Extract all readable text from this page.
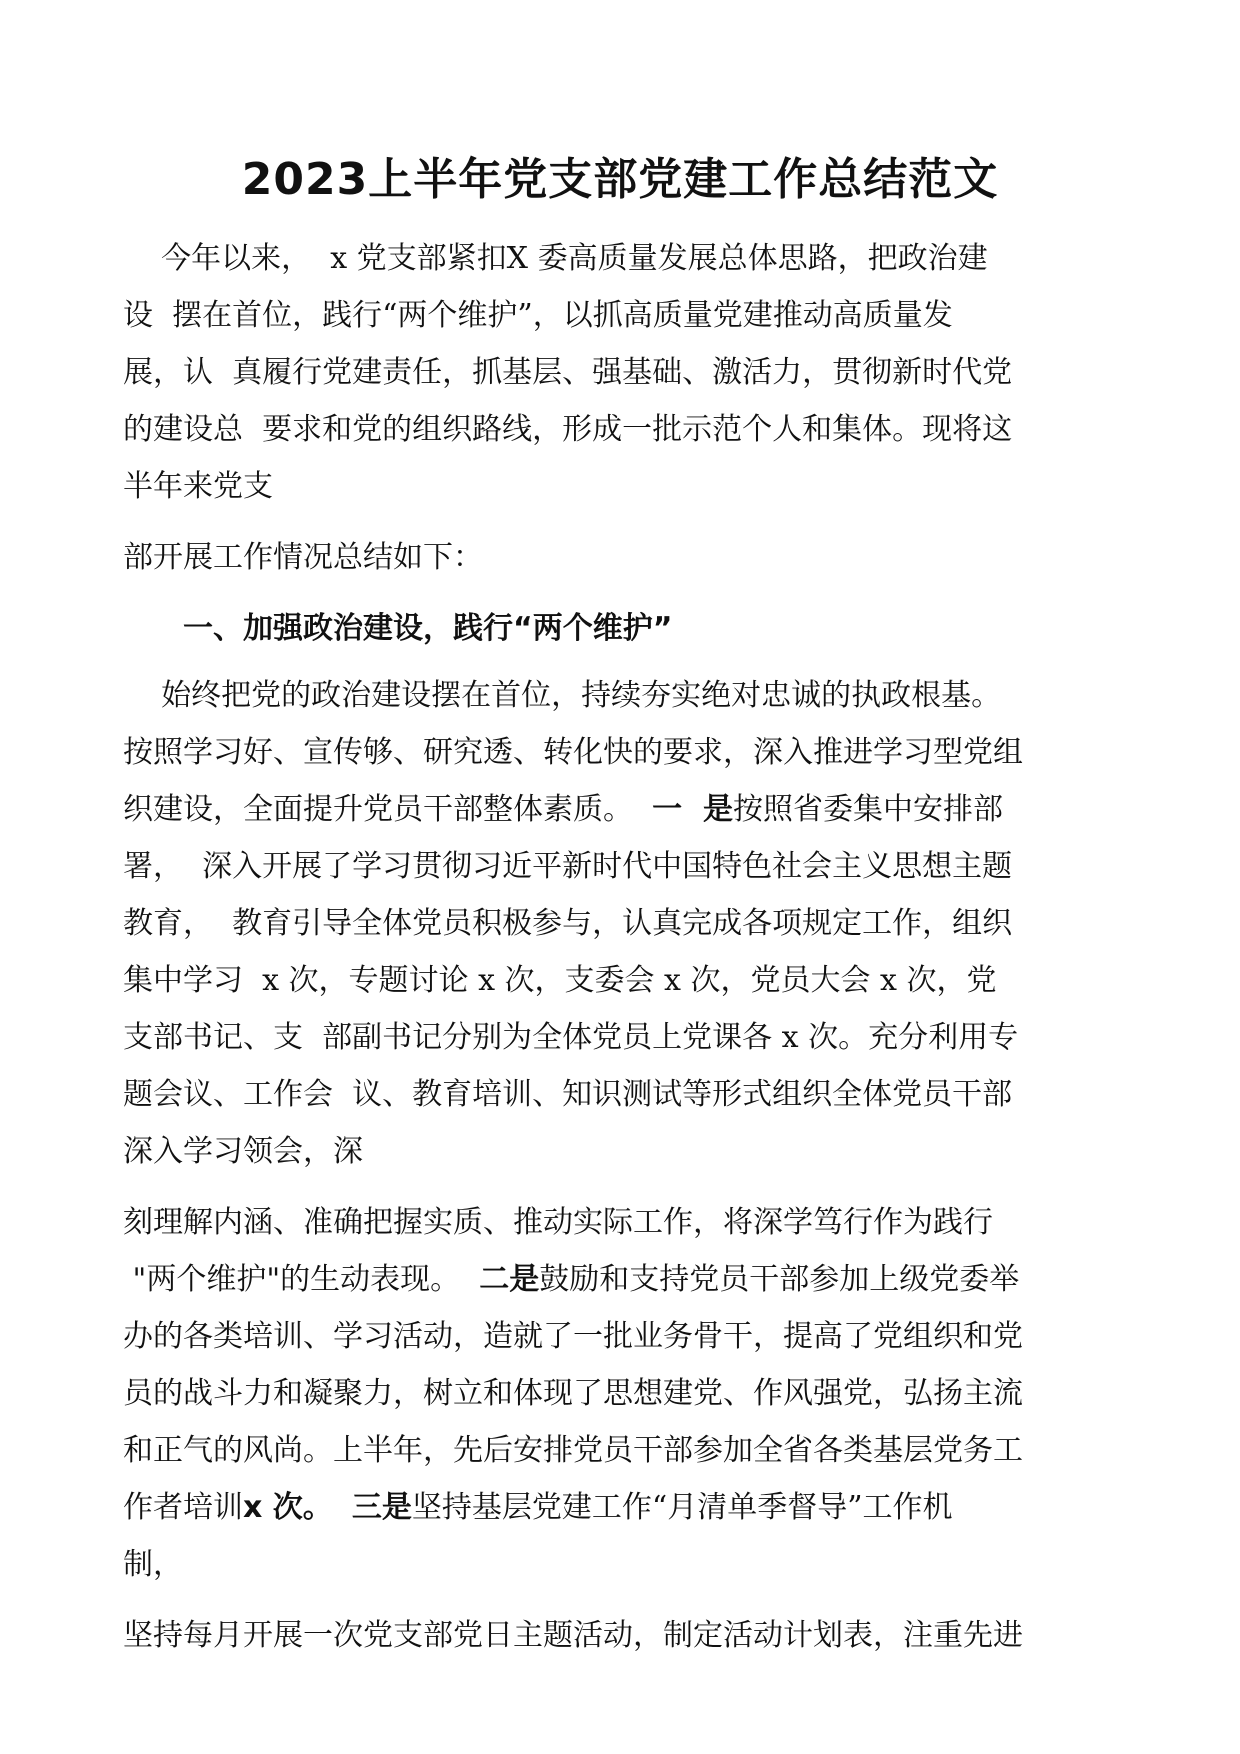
2023上半年党支部党建工作总结范文
今年以来，  x 党支部紧扣X 委高质量发展总体思路，把政治建
设  摆在首位，践行“两个维护”，以抓高质量党建推动高质量发
展，认  真履行党建责任，抓基层、强基础、激活力，贯彻新时代党
的建设总  要求和党的组织路线，形成一批示范个人和集体。现将这
半年来党支
部开展工作情况总结如下：
一、加强政治建设，践行“两个维护”
始终把党的政治建设摆在首位，持续夯实绝对忠诚的执政根基。
按照学习好、宣传够、研究透、转化快的要求，深入推进学习型党组
织建设，全面提升党员干部整体素质。  一  是按照省委集中安排部
署，  深入开展了学习贯彻习近平新时代中国特色社会主义思想主题
教育，  教育引导全体党员积极参与，认真完成各项规定工作，组织
集中学习  x 次，专题讨论 x 次，支委会 x 次，党员大会 x 次，党
支部书记、支  部副书记分别为全体党员上党课各 x 次。充分利用专
题会议、工作会  议、教育培训、知识测试等形式组织全体党员干部
深入学习领会，深
刻理解内涵、准确把握实质、推动实际工作，将深学笃行作为践行
"两个维护"的生动表现。  二是鼓励和支持党员干部参加上级党委举
办的各类培训、学习活动，造就了一批业务骨干，提高了党组织和党
员的战斗力和凝聚力，树立和体现了思想建党、作风强党，弘扬主流
和正气的风尚。上半年，先后安排党员干部参加全省各类基层党务工
作者培训x 次。 三是坚持基层党建工作“月清单季督导”工作机
制，
坚持每月开展一次党支部党日主题活动，制定活动计划表，注重先进
